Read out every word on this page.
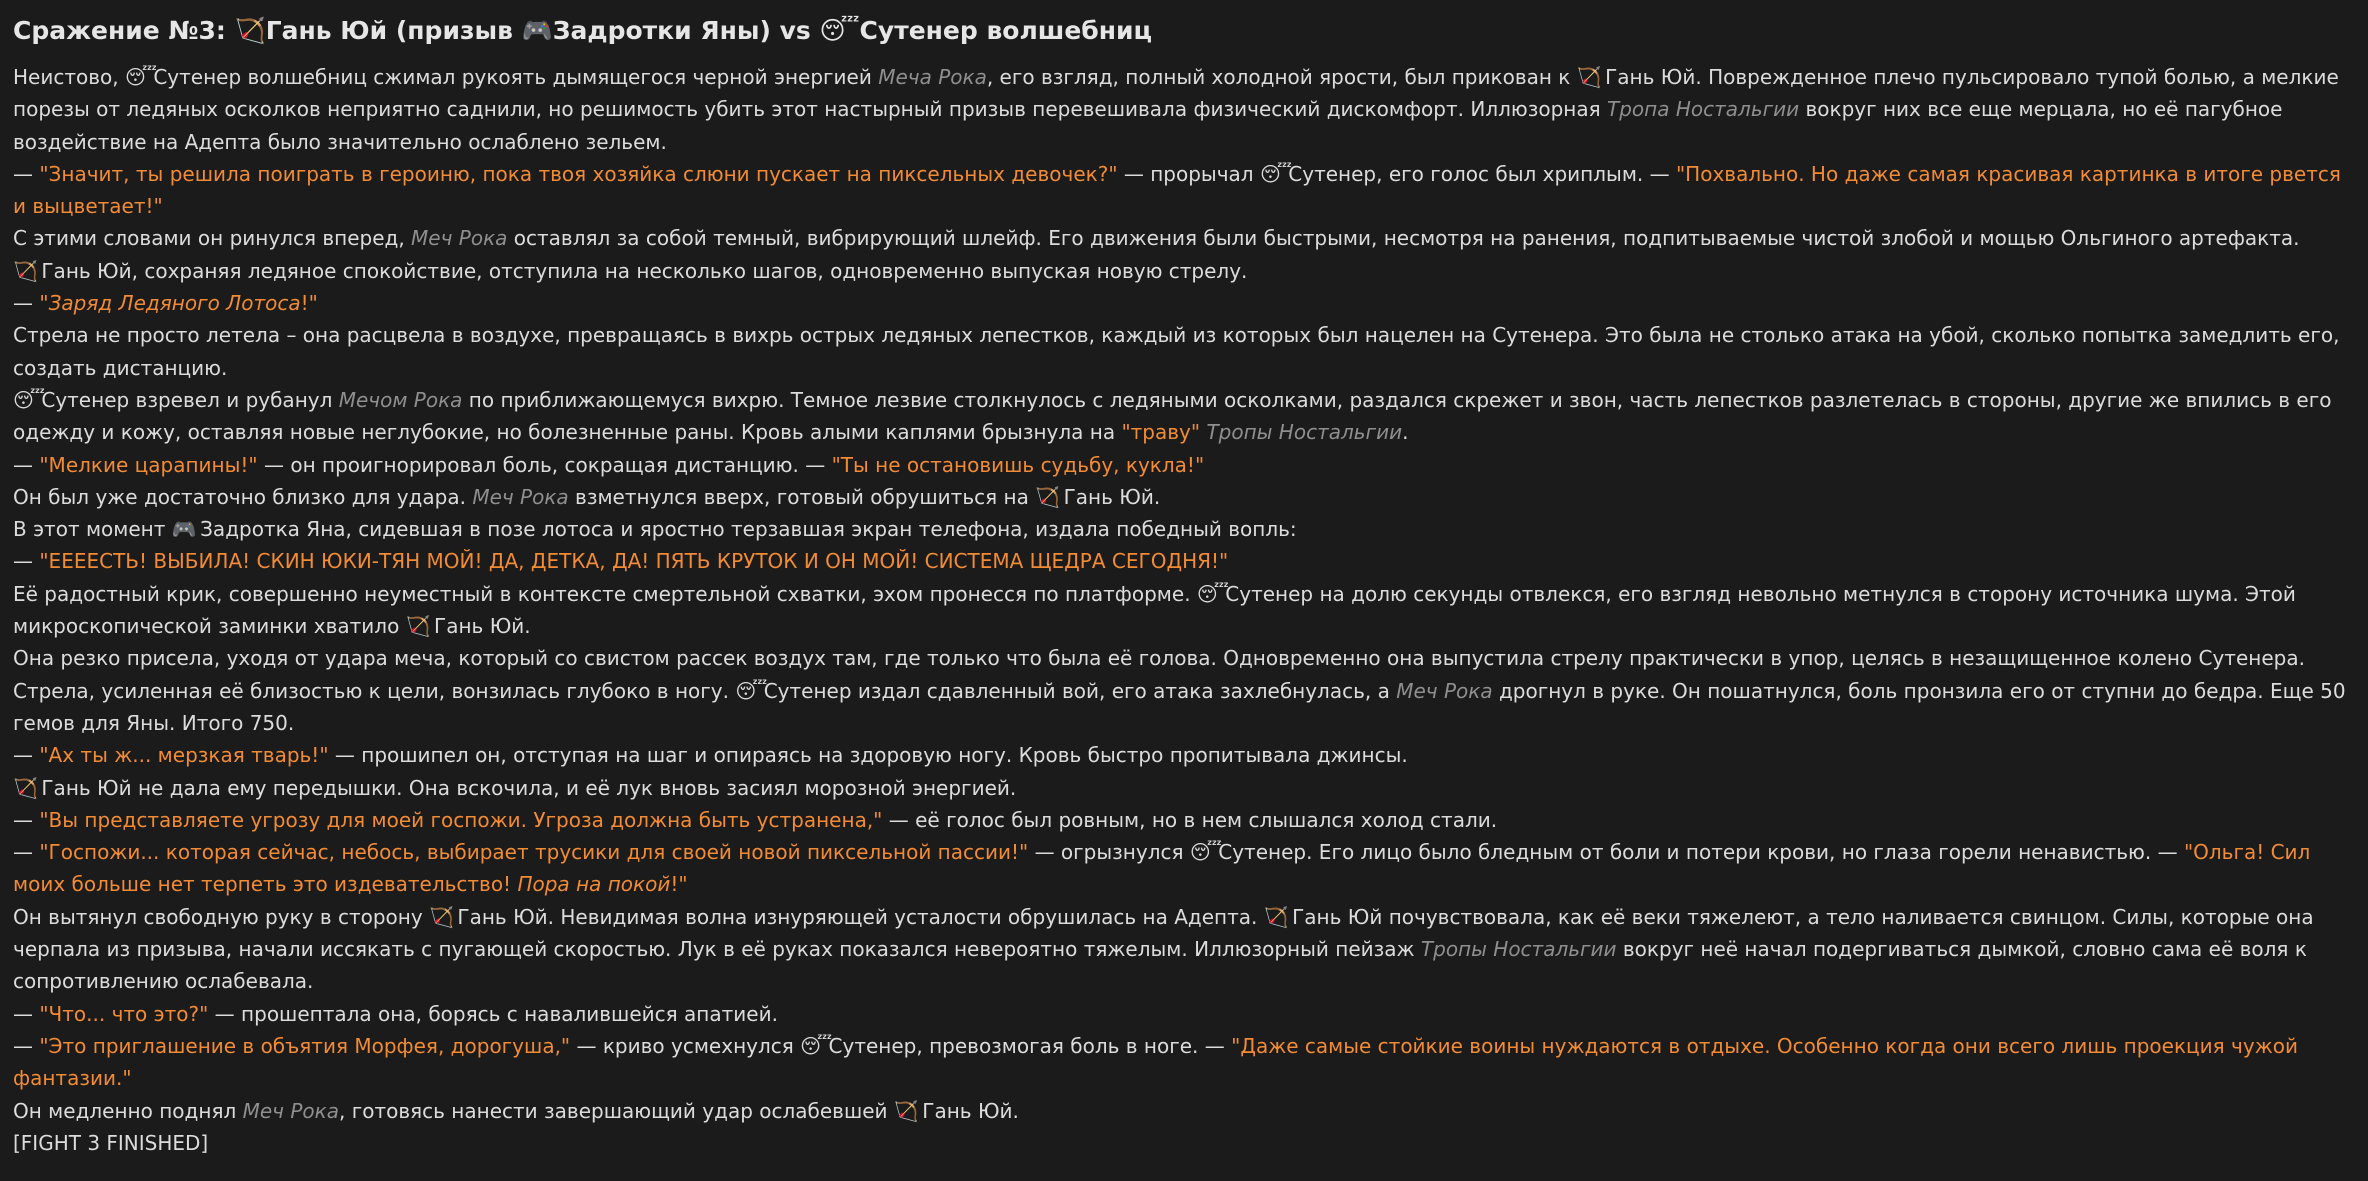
Сражение №3: 🏹Гань Юй (призыв 🎮Задротки Яны) vs 😴Сутенер волшебниц
Неистово, 😴 Сутенер волшебниц сжимал рукоять дымящегося черной энергией Меча Рока, его взгляд, полный холодной ярости, был прикован к 🏹 Гань Юй. Поврежденное плечо пульсировало тупой болью, а мелкие порезы от ледяных осколков неприятно саднили, но решимость убить этот настырный призыв перевешивала физический дискомфорт. Иллюзорная Тропа Ностальгии вокруг них все еще мерцала, но её пагубное воздействие на Адепта было значительно ослаблено зельем.
— "Значит, ты решила поиграть в героиню, пока твоя хозяйка слюни пускает на пиксельных девочек?" — прорычал 😴 Сутенер, его голос был хриплым. — "Похвально. Но даже самая красивая картинка в итоге рвется и выцветает!"
С этими словами он ринулся вперед, Меч Рока оставлял за собой темный, вибрирующий шлейф. Его движения были быстрыми, несмотря на ранения, подпитываемые чистой злобой и мощью Ольгиного артефакта.
🏹 Гань Юй, сохраняя ледяное спокойствие, отступила на несколько шагов, одновременно выпуская новую стрелу.
— "Заряд Ледяного Лотоса!"
Стрела не просто летела – она расцвела в воздухе, превращаясь в вихрь острых ледяных лепестков, каждый из которых был нацелен на Сутенера. Это была не столько атака на убой, сколько попытка замедлить его, создать дистанцию.
😴 Сутенер взревел и рубанул Мечом Рока по приближающемуся вихрю. Темное лезвие столкнулось с ледяными осколками, раздался скрежет и звон, часть лепестков разлетелась в стороны, другие же впились в его одежду и кожу, оставляя новые неглубокие, но болезненные раны. Кровь алыми каплями брызнула на "траву" Тропы Ностальгии.
— "Мелкие царапины!" — он проигнорировал боль, сокращая дистанцию. — "Ты не остановишь судьбу, кукла!"
Он был уже достаточно близко для удара. Меч Рока взметнулся вверх, готовый обрушиться на 🏹 Гань Юй.
В этот момент 🎮 Задротка Яна, сидевшая в позе лотоса и яростно терзавшая экран телефона, издала победный вопль:
— "ЕЕЕЕСТЬ! ВЫБИЛА! СКИН ЮКИ-ТЯН МОЙ! ДА, ДЕТКА, ДА! ПЯТЬ КРУТОК И ОН МОЙ! СИСТЕМА ЩЕДРА СЕГОДНЯ!"
Её радостный крик, совершенно неуместный в контексте смертельной схватки, эхом пронесся по платформе. 😴 Сутенер на долю секунды отвлекся, его взгляд невольно метнулся в сторону источника шума. Этой микроскопической заминки хватило 🏹 Гань Юй.
Она резко присела, уходя от удара меча, который со свистом рассек воздух там, где только что была её голова. Одновременно она выпустила стрелу практически в упор, целясь в незащищенное колено Сутенера. Стрела, усиленная её близостью к цели, вонзилась глубоко в ногу. 😴 Сутенер издал сдавленный вой, его атака захлебнулась, а Меч Рока дрогнул в руке. Он пошатнулся, боль пронзила его от ступни до бедра. Еще 50 гемов для Яны. Итого 750.
— "Ах ты ж... мерзкая тварь!" — прошипел он, отступая на шаг и опираясь на здоровую ногу. Кровь быстро пропитывала джинсы.
🏹 Гань Юй не дала ему передышки. Она вскочила, и её лук вновь засиял морозной энергией.
— "Вы представляете угрозу для моей госпожи. Угроза должна быть устранена," — её голос был ровным, но в нем слышался холод стали.
— "Госпожи... которая сейчас, небось, выбирает трусики для своей новой пиксельной пассии!" — огрызнулся 😴 Сутенер. Его лицо было бледным от боли и потери крови, но глаза горели ненавистью. — "Ольга! Сил моих больше нет терпеть это издевательство! Пора на покой!"
Он вытянул свободную руку в сторону 🏹 Гань Юй. Невидимая волна изнуряющей усталости обрушилась на Адепта. 🏹 Гань Юй почувствовала, как её веки тяжелеют, а тело наливается свинцом. Силы, которые она черпала из призыва, начали иссякать с пугающей скоростью. Лук в её руках показался невероятно тяжелым. Иллюзорный пейзаж Тропы Ностальгии вокруг неё начал подергиваться дымкой, словно сама её воля к сопротивлению ослабевала.
— "Что... что это?" — прошептала она, борясь с навалившейся апатией.
— "Это приглашение в объятия Морфея, дорогуша," — криво усмехнулся 😴 Сутенер, превозмогая боль в ноге. — "Даже самые стойкие воины нуждаются в отдыхе. Особенно когда они всего лишь проекция чужой фантазии."
Он медленно поднял Меч Рока, готовясь нанести завершающий удар ослабевшей 🏹 Гань Юй.
[FIGHT 3 FINISHED]
